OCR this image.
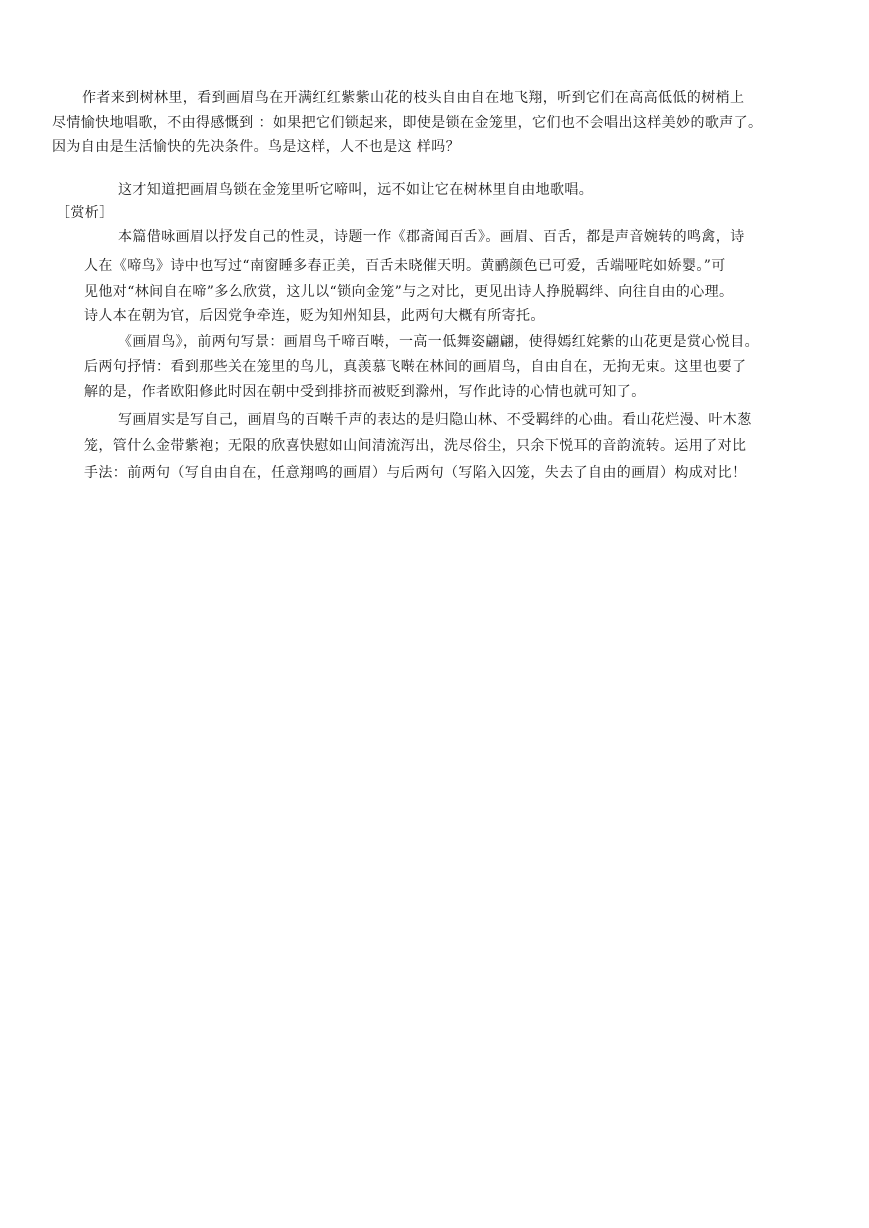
作者来到树林里，看到画眉鸟在开满红红紫紫山花的枝头自由自在地飞翔，听到它们在高高低低的树梢上
尽情愉快地唱歌，不由得感慨到 ：如果把它们锁起来，即使是锁在金笼里，它们也不会唱出这样美妙的歌声了。
因为自由是生活愉快的先决条件。鸟是这样，人不也是这 样吗？
这才知道把画眉鸟锁在金笼里听它啼叫，远不如让它在树林里自由地歌唱。
［赏析］
本篇借咏画眉以抒发自己的性灵，诗题一作《郡斋闻百舌》。画眉、百舌，都是声音婉转的鸣禽，诗
人在《啼鸟》诗中也写过“南窗睡多春正美，百舌未晓催天明。黄鹂颜色已可爱，舌端哑咤如娇婴。”可
见他对“林间自在啼”多么欣赏，这儿以“锁向金笼”与之对比，更见出诗人挣脱羁绊、向往自由的心理。
诗人本在朝为官，后因党争牵连，贬为知州知县，此两句大概有所寄托。
《画眉鸟》，前两句写景：画眉鸟千啼百啭，一高一低舞姿翩翩，使得嫣红姹紫的山花更是赏心悦目。
后两句抒情：看到那些关在笼里的鸟儿，真羡慕飞啭在林间的画眉鸟，自由自在，无拘无束。这里也要了
解的是，作者欧阳修此时因在朝中受到排挤而被贬到滁州，写作此诗的心情也就可知了。
写画眉实是写自己，画眉鸟的百啭千声的表达的是归隐山林、不受羁绊的心曲。看山花烂漫、叶木葱
笼，管什么金带紫袍；无限的欣喜快慰如山间清流泻出，洗尽俗尘，只余下悦耳的音韵流转。运用了对比
手法：前两句（写自由自在，任意翔鸣的画眉）与后两句（写陷入囚笼，失去了自由的画眉）构成对比！
